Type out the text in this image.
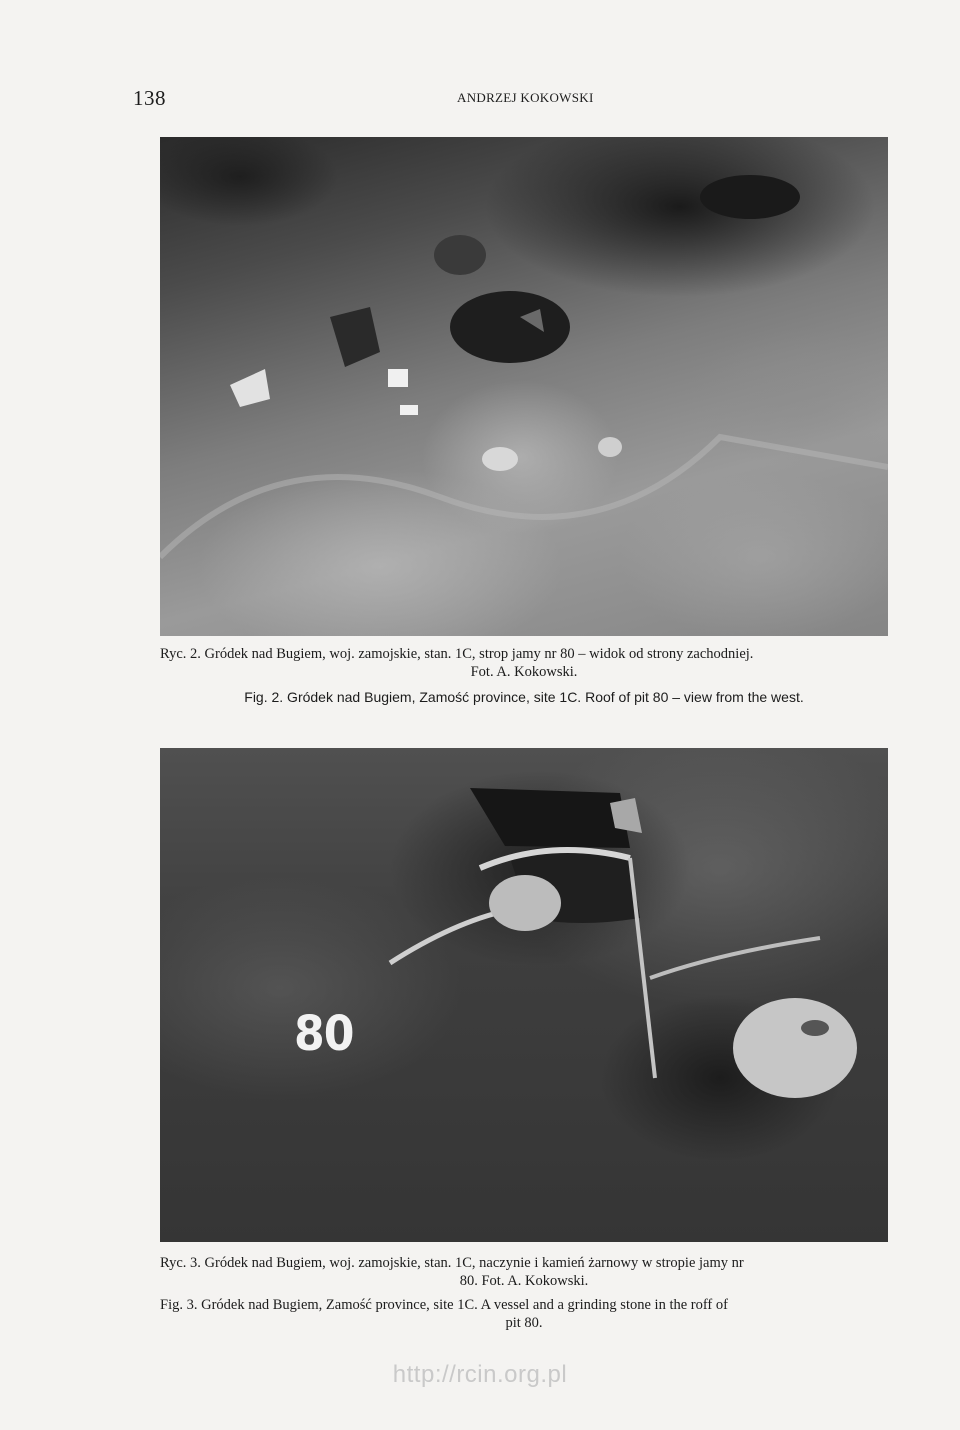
138	ANDRZEJ KOKOWSKI
Ryc. 2. Gródek nad Bugiem, woj. zamojskie, stan. 1C, strop jamy nr 80 – widok od strony zachodniej.
Fot. A. Kokowski.
Fig. 2. Gródek nad Bugiem, Zamość province, site 1C. Roof of pit 80 – view from the west.
80
Ryc. 3. Gródek nad Bugiem, woj. zamojskie, stan. 1C, naczynie i kamień żarnowy w stropie jamy nr
80. Fot. A. Kokowski.
Fig. 3. Gródek nad Bugiem, Zamość province, site 1C. A vessel and a grinding stone in the roff of
pit 80.
http://rcin.org.pl
